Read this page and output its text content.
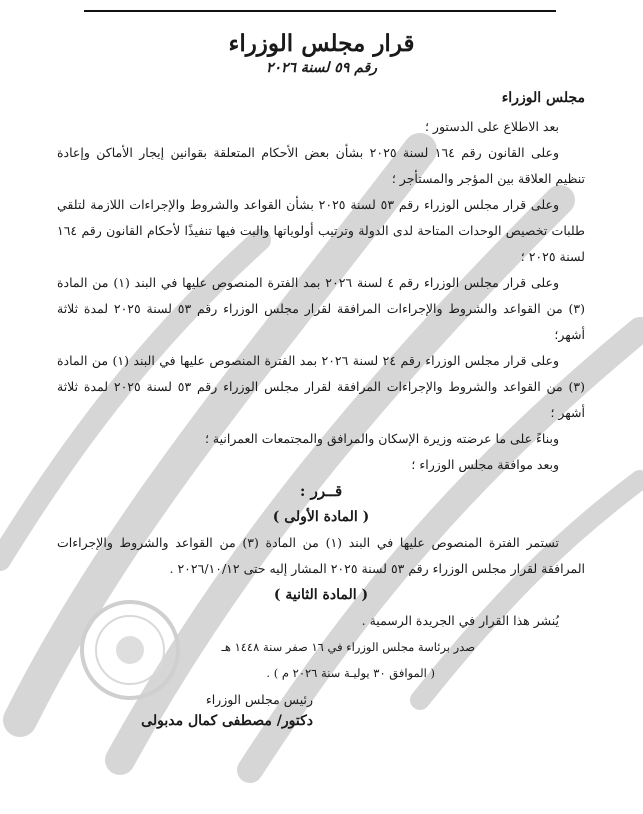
قرار مجلس الوزراء
رقم ٥٩ لسنة ٢٠٢٦
مجلس الوزراء

بعد الاطلاع على الدستور ؛

وعلى القانون رقم ١٦٤ لسنة ٢٠٢٥ بشأن بعض الأحكام المتعلقة بقوانين إيجار الأماكن وإعادة تنظيم العلاقة بين المؤجر والمستأجر ؛

وعلى قرار مجلس الوزراء رقم ٥٣ لسنة ٢٠٢٥ بشأن القواعد والشروط والإجراءات اللازمة لتلقي طلبات تخصيص الوحدات المتاحة لدى الدولة وترتيب أولوياتها والبت فيها تنفيذًا لأحكام القانون رقم ١٦٤ لسنة ٢٠٢٥ ؛

وعلى قرار مجلس الوزراء رقم ٤ لسنة ٢٠٢٦ بمد الفترة المنصوص عليها في البند (١) من المادة (٣) من القواعد والشروط والإجراءات المرافقة لقرار مجلس الوزراء رقم ٥٣ لسنة ٢٠٢٥ لمدة ثلاثة أشهر؛

وعلى قرار مجلس الوزراء رقم ٢٤ لسنة ٢٠٢٦ بمد الفترة المنصوص عليها في البند (١) من المادة (٣) من القواعد والشروط والإجراءات المرافقة لقرار مجلس الوزراء رقم ٥٣ لسنة ٢٠٢٥ لمدة ثلاثة أشهر ؛

وبناءً على ما عرضته وزيرة الإسكان والمرافق والمجتمعات العمرانية ؛

وبعد موافقة مجلس الوزراء ؛

قــرر :

( المادة الأولى )

تستمر الفترة المنصوص عليها في البند (١) من المادة (٣) من القواعد والشروط والإجراءات المرافقة لقرار مجلس الوزراء رقم ٥٣ لسنة ٢٠٢٥ المشار إليه حتى ٢٠٢٦/١٠/١٢ .

( المادة الثانية )

يُنشر هذا القرار في الجريدة الرسمية .

صدر برئاسة مجلس الوزراء في ١٦ صفر سنة ١٤٤٨ هـ

( الموافق ٣٠ يوليـة سنة ٢٠٢٦ م ) .

رئيس مجلس الوزراء

دكتور/ مصطفى كمال مدبولى
